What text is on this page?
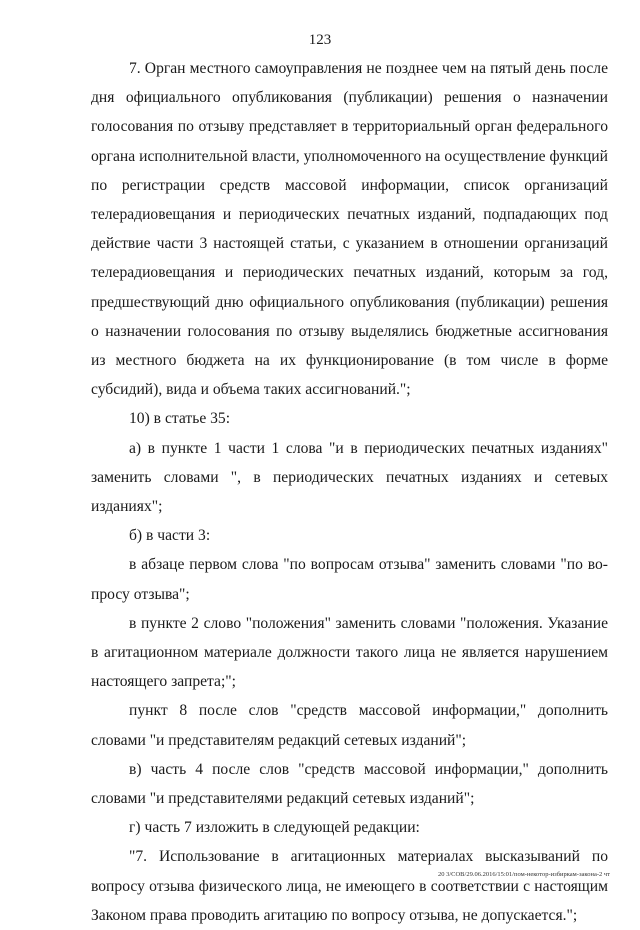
123

7. Орган местного самоуправления не позднее чем на пятый день после дня официального опубликования (публикации) решения о назначении голосования по отзыву представляет в территориальный орган федерального органа исполнительной власти, уполномоченного на осуществление функций по регистрации средств массовой информации, список организаций телерадиовещания и периодических печатных изданий, подпадающих под действие части 3 настоящей статьи, с указанием в отношении организаций телерадиовещания и периодических печатных изданий, которым за год, предшествующий дню официального опубликования (публикации) решения о назначении голосования по отзыву выделялись бюджетные ассигнования из местного бюджета на их функционирование (в том числе в форме субсидий), вида и объема таких ассигнований.";

10) в статье 35:

а) в пункте 1 части 1 слова "и в периодических печатных изданиях" заменить словами ", в периодических печатных изданиях и сетевых изданиях";

б) в части 3:

в абзаце первом слова "по вопросам отзыва" заменить словами "по вопросу отзыва";

в пункте 2 слово "положения" заменить словами "положения. Указание в агитационном материале должности такого лица не является нарушением настоящего запрета;";

пункт 8 после слов "средств массовой информации," дополнить словами "и представителям редакций сетевых изданий";

в) часть 4 после слов "средств массовой информации," дополнить словами "и представителями редакций сетевых изданий";

г) часть 7 изложить в следующей редакции:

"7. Использование в агитационных материалах высказываний по вопросу отзыва физического лица, не имеющего в соответствии с настоящим Законом права проводить агитацию по вопросу отзыва, не допускается.";

20 3/СОВ/29.06.2016/15:01/пом-некотор-избиркам-закона-2 чт
